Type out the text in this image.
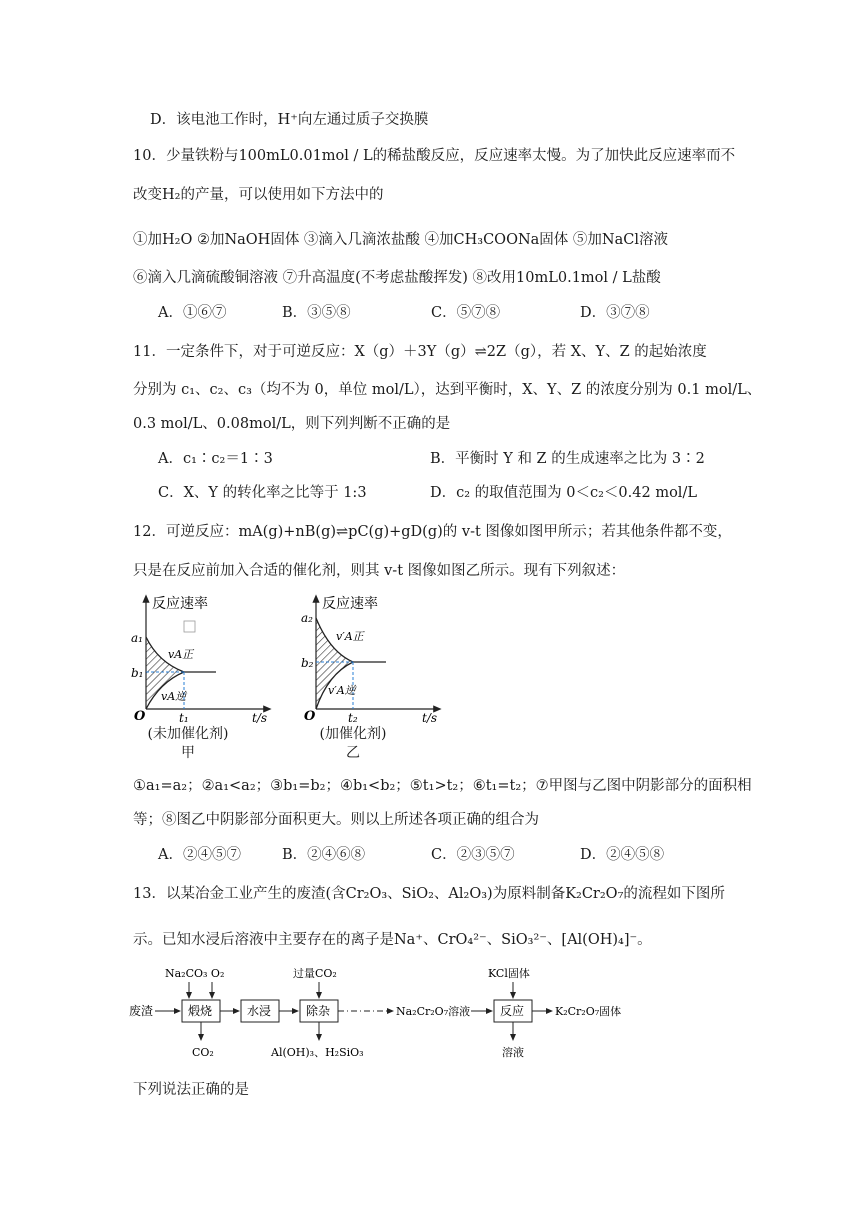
D．该电池工作时，H⁺向左通过质子交换膜
10．少量铁粉与100mL0.01mol / L的稀盐酸反应，反应速率太慢。为了加快此反应速率而不
改变H₂的产量，可以使用如下方法中的
①加H₂O ②加NaOH固体 ③滴入几滴浓盐酸 ④加CH₃COONa固体 ⑤加NaCl溶液
⑥滴入几滴硫酸铜溶液 ⑦升高温度(不考虑盐酸挥发) ⑧改用10mL0.1mol / L盐酸
A．①⑥⑦	B．③⑤⑧	C．⑤⑦⑧	D．③⑦⑧
11．一定条件下，对于可逆反应：X（g）＋3Y（g）⇌2Z（g），若 X、Y、Z 的起始浓度
分别为 c₁、c₂、c₃（均不为 0，单位 mol/L），达到平衡时，X、Y、Z 的浓度分别为 0.1 mol/L、
0.3 mol/L、0.08mol/L，则下列判断不正确的是
A．c₁∶c₂＝1∶3	B．平衡时 Y 和 Z 的生成速率之比为 3∶2
C．X、Y 的转化率之比等于 1:3	D．c₂ 的取值范围为 0＜c₂＜0.42 mol/L
12．可逆反应：mA(g)+nB(g)⇌pC(g)+gD(g)的 v-t 图像如图甲所示；若其他条件都不变，
只是在反应前加入合适的催化剂，则其 v-t 图像如图乙所示。现有下列叙述：
反应速率
a₁
b₁
vA正
vA逆
O	t₁	t/s
(未加催化剂)
甲
反应速率
a₂
b₂
v′A正
v′A逆
O	t₂	t/s
(加催化剂)
乙
①a₁=a₂；②a₁<a₂；③b₁=b₂；④b₁<b₂；⑤t₁>t₂；⑥t₁=t₂；⑦甲图与乙图中阴影部分的面积相
等；⑧图乙中阴影部分面积更大。则以上所述各项正确的组合为
A．②④⑤⑦	B．②④⑥⑧	C．②③⑤⑦	D．②④⑤⑧
13．以某冶金工业产生的废渣(含Cr₂O₃、SiO₂、Al₂O₃)为原料制备K₂Cr₂O₇的流程如下图所
示。已知水浸后溶液中主要存在的离子是Na⁺、CrO₄²⁻、SiO₃²⁻、[Al(OH)₄]⁻。
废渣	煅烧
Na₂CO₃ O₂
CO₂
水浸	除杂
过量CO₂
Al(OH)₃、H₂SiO₃
Na₂Cr₂O₇溶液 反应
KCl固体
溶液
K₂Cr₂O₇固体
下列说法正确的是
